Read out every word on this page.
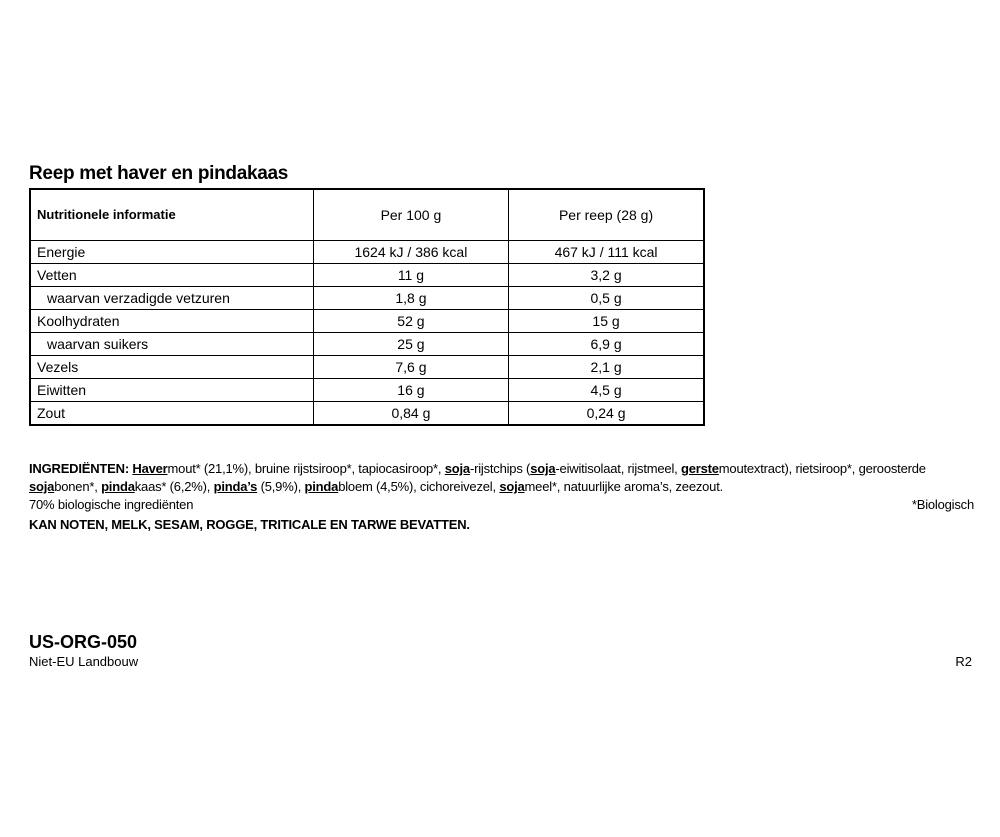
Reep met haver en pindakaas
Nutritionele informatie	Per 100 g	Per reep (28 g)
Energie	1624 kJ / 386 kcal	467 kJ / 111 kcal
Vetten	11 g	3,2 g
waarvan verzadigde vetzuren	1,8 g	0,5 g
Koolhydraten	52 g	15 g
waarvan suikers	25 g	6,9 g
Vezels	7,6 g	2,1 g
Eiwitten	16 g	4,5 g
Zout	0,84 g	0,24 g
INGREDIËNTEN: Havermout* (21,1%), bruine rijstsiroop*, tapiocasiroop*, soja-rijstchips (soja-eiwitisolaat, rijstmeel, gerstemoutextract), rietsiroop*, geroosterde sojabonen*, pindakaas* (6,2%), pinda’s (5,9%), pindabloem (4,5%), cichoreivezel, sojameel*, natuurlijke aroma’s, zeezout.
70% biologische ingrediënten	*Biologisch
KAN NOTEN, MELK, SESAM, ROGGE, TRITICALE EN TARWE BEVATTEN.
US-ORG-050
Niet-EU Landbouw	R2
